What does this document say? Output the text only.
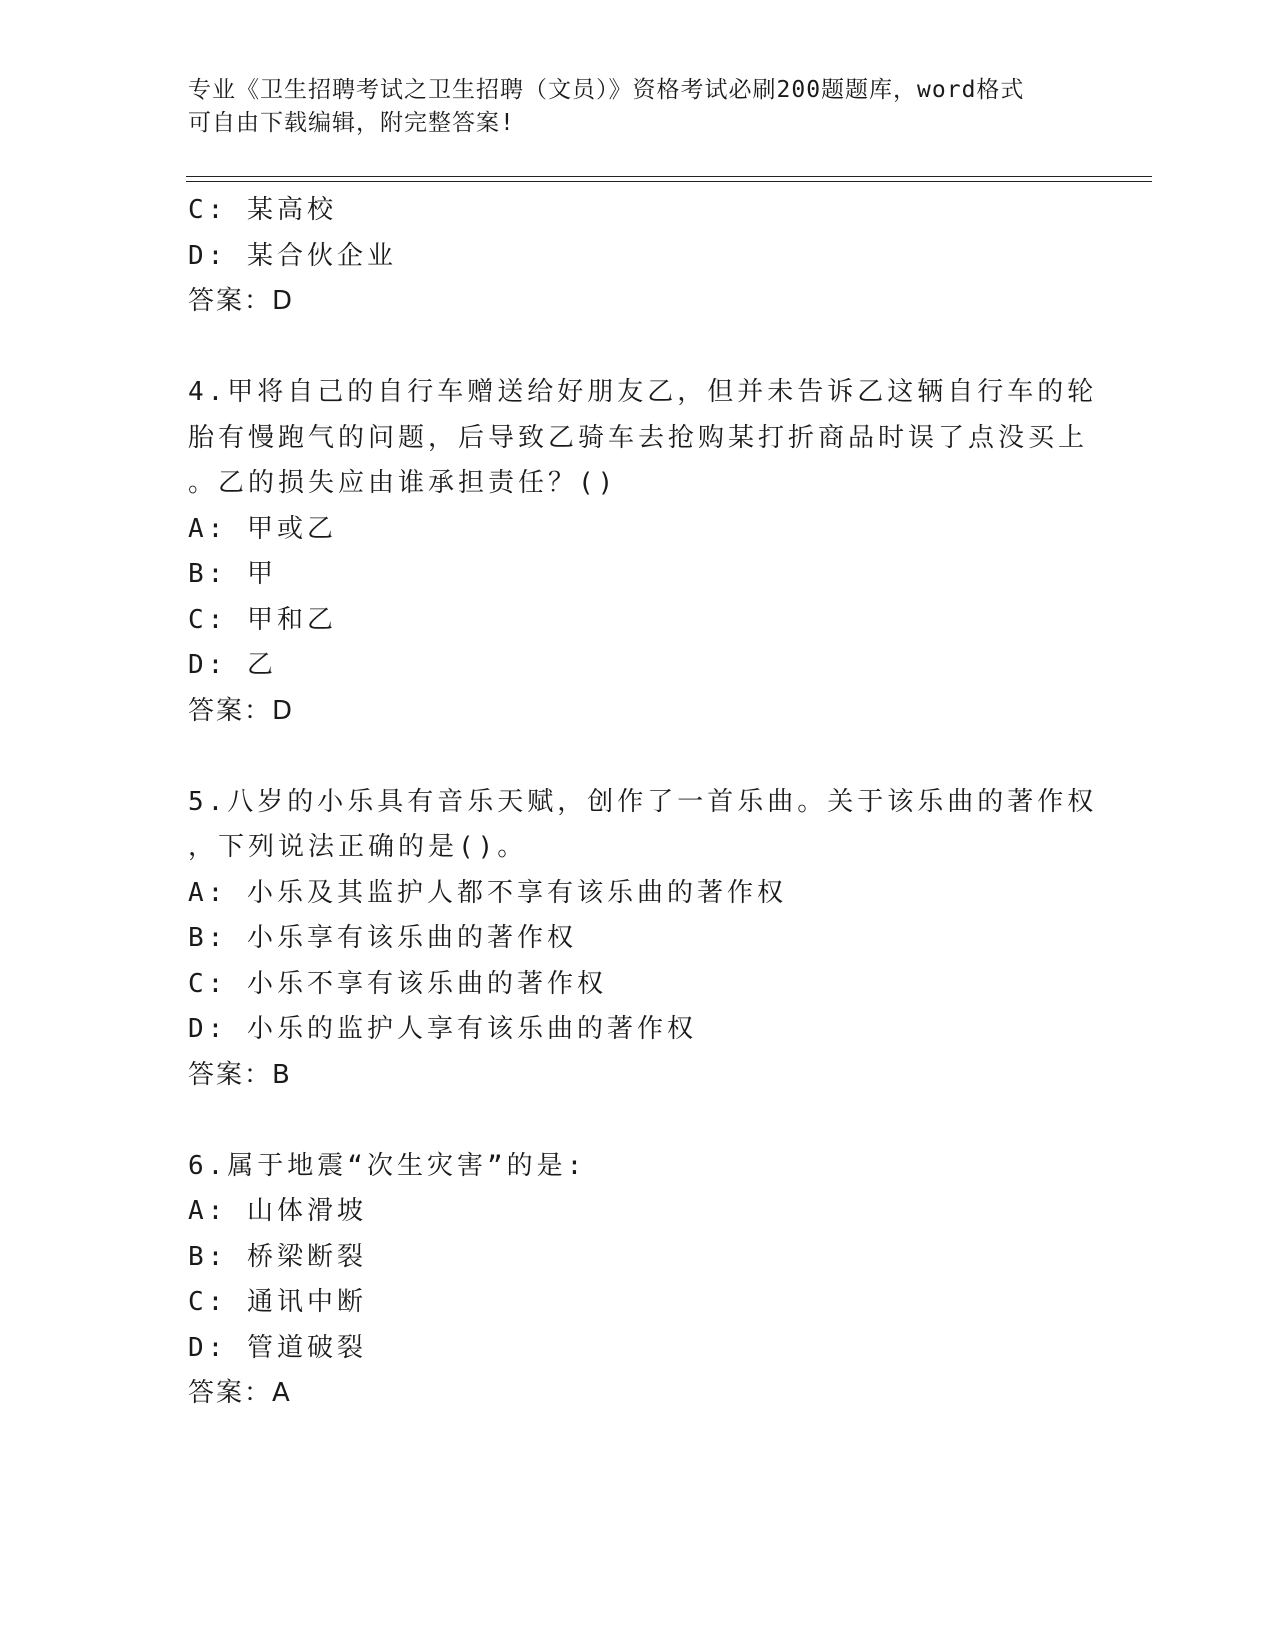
专业《卫生招聘考试之卫生招聘（文员）》资格考试必刷200题题库，word格式
可自由下载编辑，附完整答案!
C: 某高校
D: 某合伙企业
答案：D
4.甲将自己的自行车赠送给好朋友乙，但并未告诉乙这辆自行车的轮
胎有慢跑气的问题，后导致乙骑车去抢购某打折商品时误了点没买上
。乙的损失应由谁承担责任？()
A: 甲或乙
B: 甲
C: 甲和乙
D: 乙
答案：D
5.八岁的小乐具有音乐天赋，创作了一首乐曲。关于该乐曲的著作权
，下列说法正确的是()。
A: 小乐及其监护人都不享有该乐曲的著作权
B: 小乐享有该乐曲的著作权
C: 小乐不享有该乐曲的著作权
D: 小乐的监护人享有该乐曲的著作权
答案：B
6.属于地震“次生灾害”的是:
A: 山体滑坡
B: 桥梁断裂
C: 通讯中断
D: 管道破裂
答案：A
